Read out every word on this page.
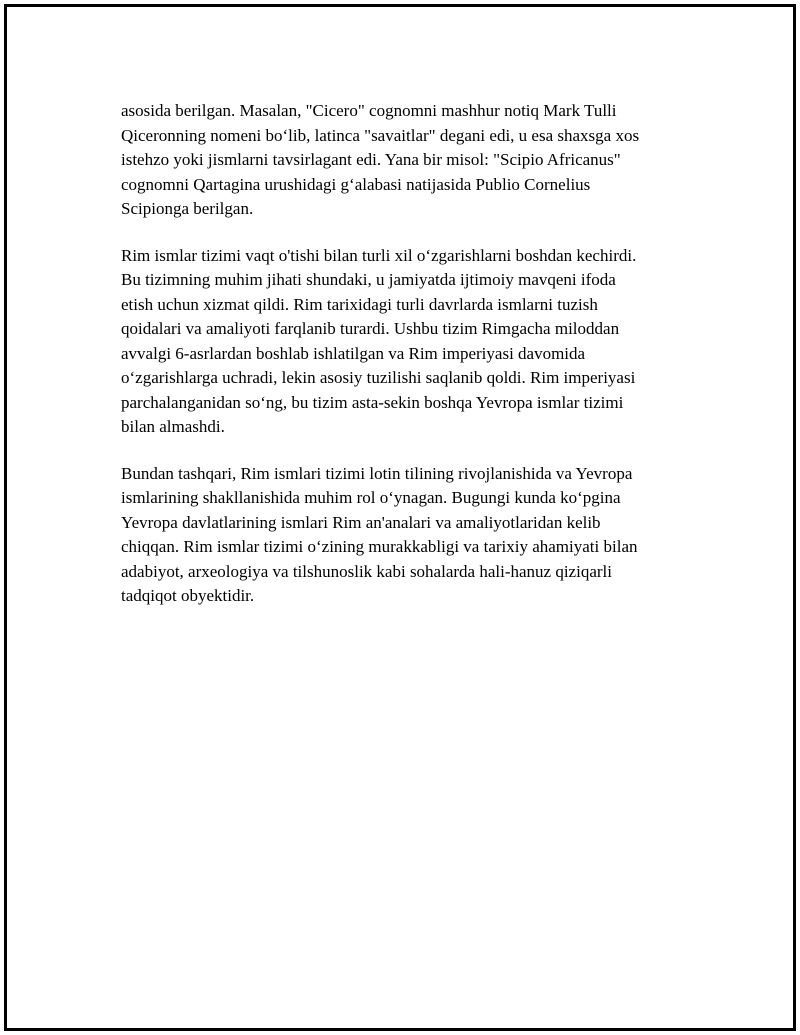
asosida berilgan. Masalan, "Cicero" cognomni mashhur notiq Mark Tulli
Qiceronning nomeni bo‘lib, latinca "savaitlar" degani edi, u esa shaxsga xos
istehzo yoki jismlarni tavsirlagant edi. Yana bir misol: "Scipio Africanus"
cognomni Qartagina urushidagi g‘alabasi natijasida Publio Cornelius
Scipionga berilgan.

Rim ismlar tizimi vaqt o'tishi bilan turli xil o‘zgarishlarni boshdan kechirdi.
Bu tizimning muhim jihati shundaki, u jamiyatda ijtimoiy mavqeni ifoda
etish uchun xizmat qildi. Rim tarixidagi turli davrlarda ismlarni tuzish
qoidalari va amaliyoti farqlanib turardi. Ushbu tizim Rimgacha miloddan
avvalgi 6-asrlardan boshlab ishlatilgan va Rim imperiyasi davomida
o‘zgarishlarga uchradi, lekin asosiy tuzilishi saqlanib qoldi. Rim imperiyasi
parchalanganidan so‘ng, bu tizim asta-sekin boshqa Yevropa ismlar tizimi
bilan almashdi.

Bundan tashqari, Rim ismlari tizimi lotin tilining rivojlanishida va Yevropa
ismlarining shakllanishida muhim rol o‘ynagan. Bugungi kunda ko‘pgina
Yevropa davlatlarining ismlari Rim an'analari va amaliyotlaridan kelib
chiqqan. Rim ismlar tizimi o‘zining murakkabligi va tarixiy ahamiyati bilan
adabiyot, arxeologiya va tilshunoslik kabi sohalarda hali-hanuz qiziqarli
tadqiqot obyektidir.
